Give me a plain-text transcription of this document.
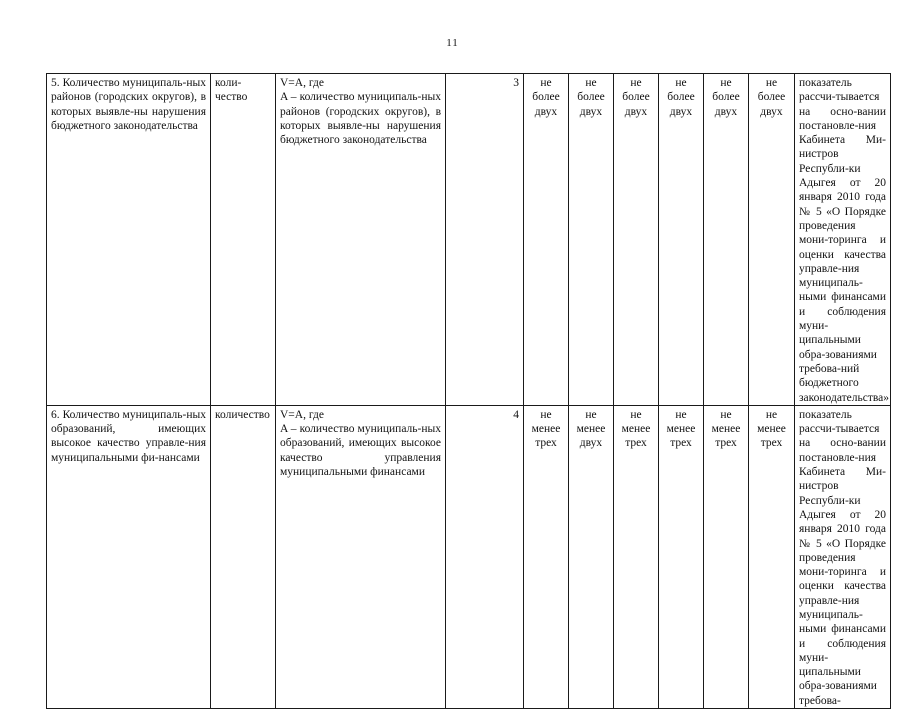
11
5. Количество муниципаль-ных районов (городских округов), в которых выявле-ны нарушения бюджетного законодательства	коли-чество	V=A, где
A – количество муниципаль-ных районов (городских округов), в которых выявле-ны нарушения бюджетного законодательства	3	не более двух	не более двух	не более двух	не более двух	не более двух	не более двух	показатель рассчи-тывается на осно-вании постановле-ния Кабинета Ми-нистров Республи-ки Адыгея от 20 января 2010 года № 5 «О Порядке проведения мони-торинга и оценки качества управле-ния муниципаль-ными финансами и соблюдения муни-ципальными обра-зованиями требова-ний бюджетного законодательства»
6. Количество муниципаль-ных образований, имеющих высокое качество управле-ния муниципальными фи-нансами	количество	V=A, где
A – количество муниципаль-ных образований, имеющих высокое качество управления муниципальными финансами	4	не менее трех	не менее двух	не менее трех	не менее трех	не менее трех	не менее трех	показатель рассчи-тывается на осно-вании постановле-ния Кабинета Ми-нистров Республи-ки Адыгея от 20 января 2010 года № 5 «О Порядке проведения мони-торинга и оценки качества управле-ния муниципаль-ными финансами и соблюдения муни-ципальными обра-зованиями требова-
